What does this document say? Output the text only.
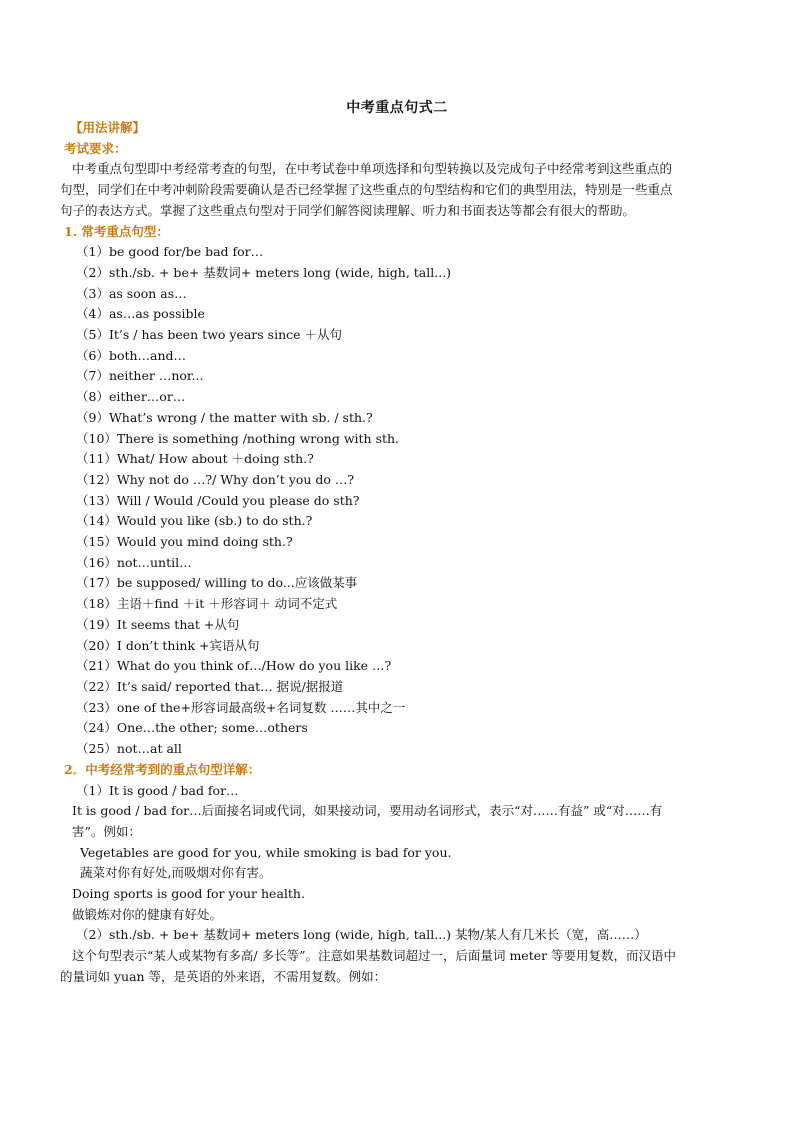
中考重点句式二
【用法讲解】
考试要求：
中考重点句型即中考经常考查的句型，在中考试卷中单项选择和句型转换以及完成句子中经常考到这些重点的句型，同学们在中考冲刺阶段需要确认是否已经掌握了这些重点的句型结构和它们的典型用法，特别是一些重点句子的表达方式。掌握了这些重点句型对于同学们解答阅读理解、听力和书面表达等都会有很大的帮助。
1. 常考重点句型：
（1）be good for/be bad for…
（2）sth./sb. + be+ 基数词+ meters long (wide, high, tall...)
（3）as soon as…
（4）as…as possible
（5）It’s / has been two years since ＋从句
（6）both…and…
（7）neither …nor...
（8）either…or…
（9）What’s wrong / the matter with sb. / sth.?
（10）There is something /nothing wrong with sth.
（11）What/ How about ＋doing sth.?
（12）Why not do …?/ Why don’t you do …?
（13）Will / Would /Could you please do sth?
（14）Would you like (sb.) to do sth.?
（15）Would you mind doing sth.?
（16）not…until…
（17）be supposed/ willing to do...应该做某事
（18）主语＋find ＋it ＋形容词＋ 动词不定式
（19）It seems that +从句
（20）I don’t think +宾语从句
（21）What do you think of…/How do you like …?
（22）It’s said/ reported that… 据说/据报道
（23）one of the+形容词最高级+名词复数 ……其中之一
（24）One…the other; some…others
（25）not…at all
2．中考经常考到的重点句型详解：
（1）It is good / bad for…
It is good / bad for…后面接名词或代词，如果接动词，要用动名词形式，表示“对……有益” 或“对……有害”。例如：
Vegetables are good for you, while smoking is bad for you.
蔬菜对你有好处,而吸烟对你有害。
Doing sports is good for your health.
做锻炼对你的健康有好处。
（2）sth./sb. + be+ 基数词+ meters long (wide, high, tall...) 某物/某人有几米长（宽，高……）
这个句型表示“某人或某物有多高/ 多长等”。注意如果基数词超过一，后面量词 meter 等要用复数，而汉语中的量词如 yuan 等，是英语的外来语，不需用复数。例如：
